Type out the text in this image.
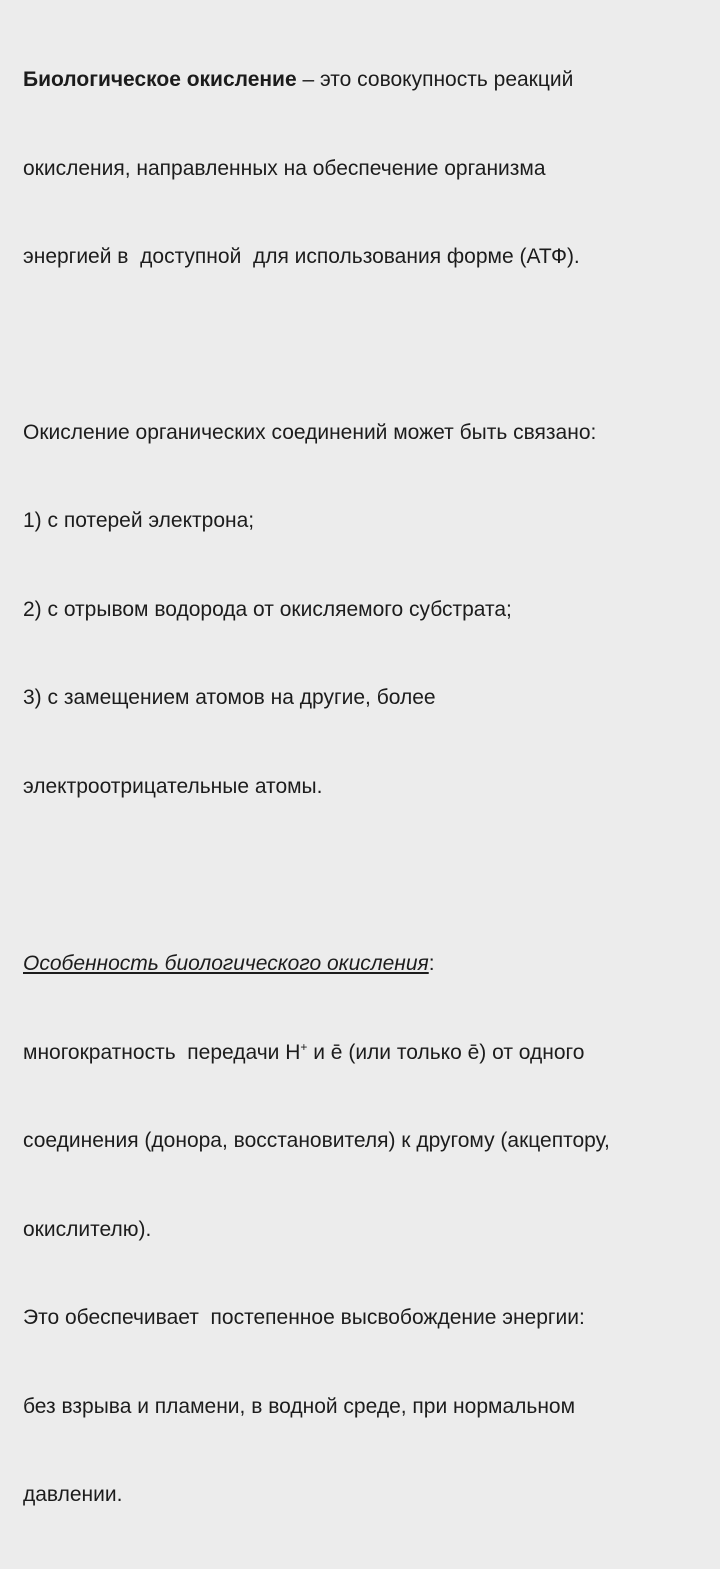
Биологическое окисление – это совокупность реакций

окисления, направленных на обеспечение организма

энергией в  доступной  для использования форме (АТФ).

Окисление органических соединений может быть связано:

1) с потерей электрона;

2) с отрывом водорода от окисляемого субстрата;

3) с замещением атомов на другие, более

электроотрицательные атомы.

Особенность биологического окисления:

многократность  передачи Н+ и ē (или только ē) от одного

соединения (донора, восстановителя) к другому (акцептору,

окислителю).

Это обеспечивает  постепенное высвобождение энергии:

без взрыва и пламени, в водной среде, при нормальном

давлении.
